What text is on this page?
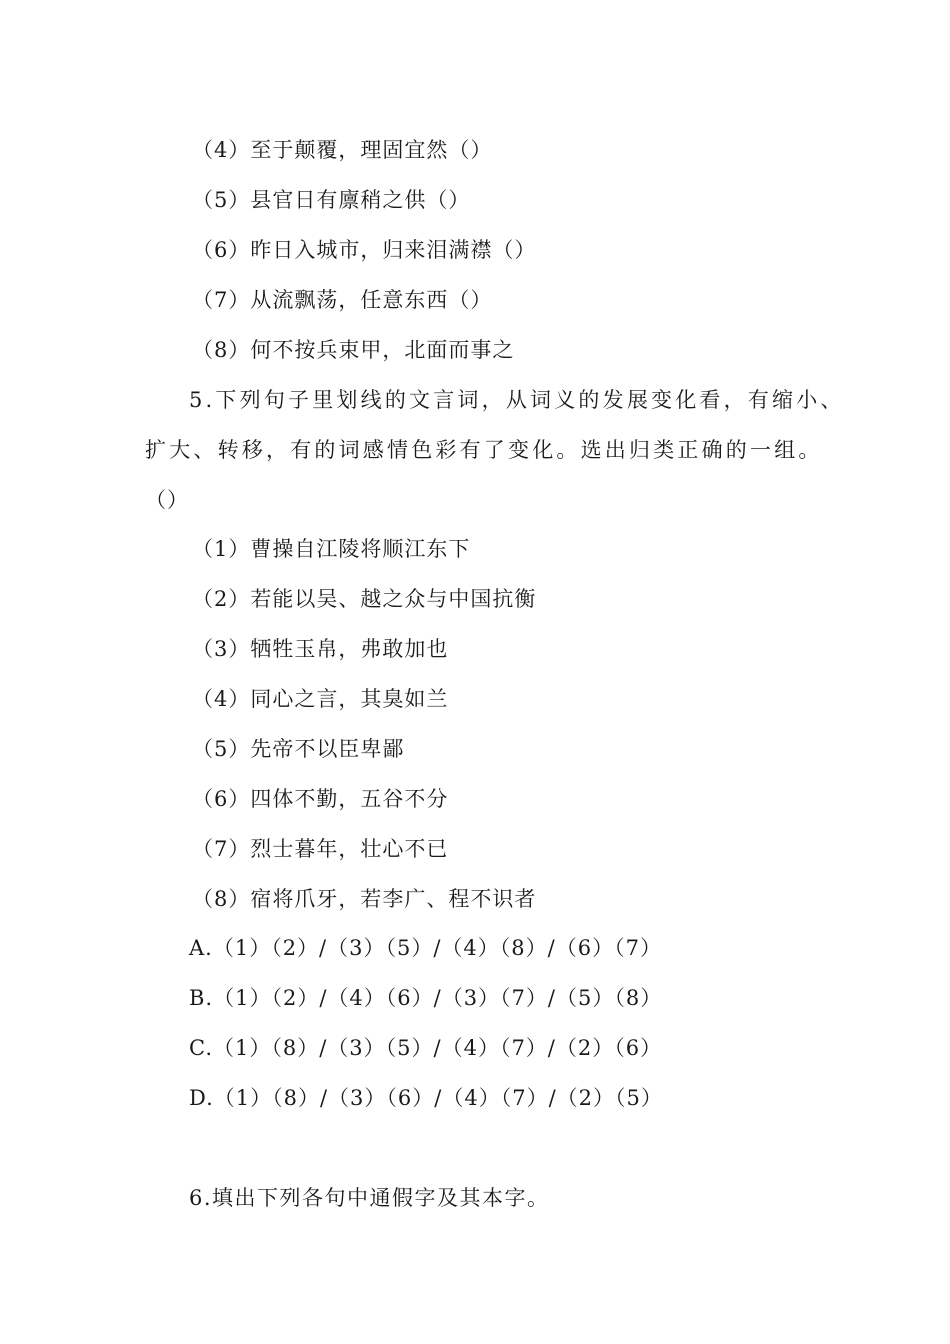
（4）至于颠覆，理固宜然（）
（5）县官日有廪稍之供（）
（6）昨日入城市，归来泪满襟（）
（7）从流飘荡，任意东西（）
（8）何不按兵束甲，北面而事之
5.下列句子里划线的文言词，从词义的发展变化看，有缩小、
扩大、转移，有的词感情色彩有了变化。选出归类正确的一组。
（）
（1）曹操自江陵将顺江东下
（2）若能以吴、越之众与中国抗衡
（3）牺牲玉帛，弗敢加也
（4）同心之言，其臭如兰
（5）先帝不以臣卑鄙
（6）四体不勤，五谷不分
（7）烈士暮年，壮心不已
（8）宿将爪牙，若李广、程不识者
A.（1）（2）/（3）（5）/（4）（8）/（6）（7）
B.（1）（2）/（4）（6）/（3）（7）/（5）（8）
C.（1）（8）/（3）（5）/（4）（7）/（2）（6）
D.（1）（8）/（3）（6）/（4）（7）/（2）（5）
6.填出下列各句中通假字及其本字。
